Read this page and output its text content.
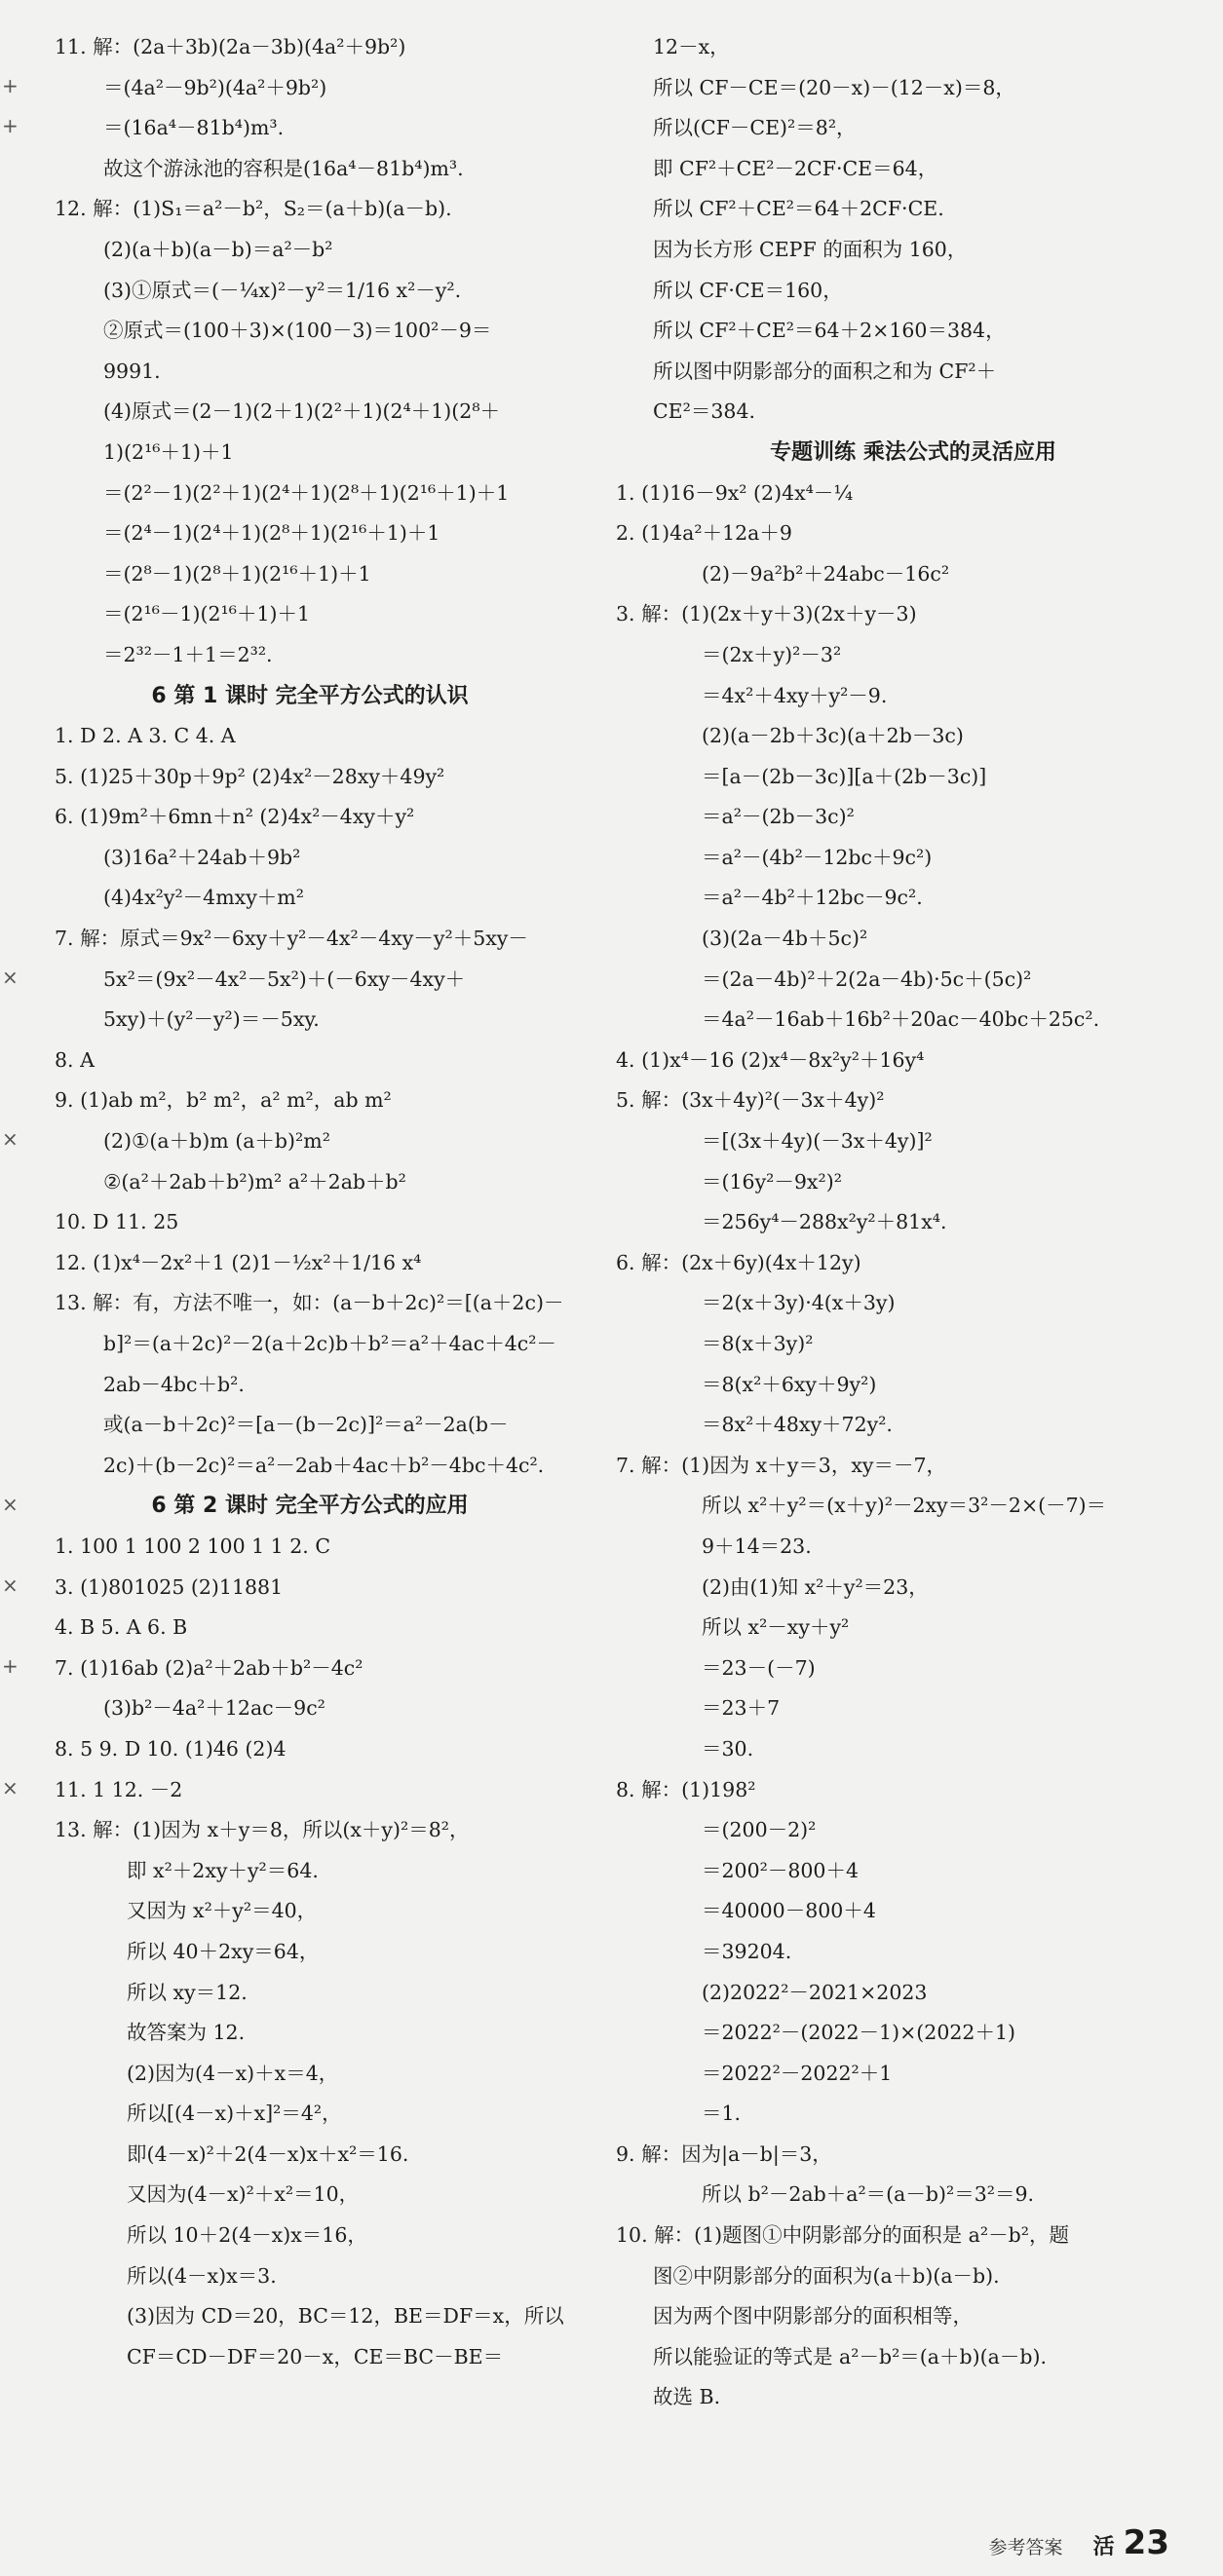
11. 解：(2a＋3b)(2a－3b)(4a²＋9b²)
＝(4a²－9b²)(4a²＋9b²)
＝(16a⁴－81b⁴)m³.
故这个游泳池的容积是(16a⁴－81b⁴)m³.
12. 解：(1)S₁＝a²－b²，S₂＝(a＋b)(a－b).
(2)(a＋b)(a－b)＝a²－b²
(3)①原式＝(－¼x)²－y²＝1/16 x²－y².
②原式＝(100＋3)×(100－3)＝100²－9＝
9991.
(4)原式＝(2－1)(2＋1)(2²＋1)(2⁴＋1)(2⁸＋
1)(2¹⁶＋1)＋1
＝(2²－1)(2²＋1)(2⁴＋1)(2⁸＋1)(2¹⁶＋1)＋1
＝(2⁴－1)(2⁴＋1)(2⁸＋1)(2¹⁶＋1)＋1
＝(2⁸－1)(2⁸＋1)(2¹⁶＋1)＋1
＝(2¹⁶－1)(2¹⁶＋1)＋1
＝2³²－1＋1＝2³².
6 第 1 课时 完全平方公式的认识
1. D 2. A 3. C 4. A
5. (1)25＋30p＋9p² (2)4x²－28xy＋49y²
6. (1)9m²＋6mn＋n² (2)4x²－4xy＋y²
(3)16a²＋24ab＋9b²
(4)4x²y²－4mxy＋m²
7. 解：原式＝9x²－6xy＋y²－4x²－4xy－y²＋5xy－
5x²＝(9x²－4x²－5x²)＋(－6xy－4xy＋
5xy)＋(y²－y²)＝－5xy.
8. A
9. (1)ab m²，b² m²，a² m²，ab m²
(2)①(a＋b)m (a＋b)²m²
②(a²＋2ab＋b²)m² a²＋2ab＋b²
10. D 11. 25
12. (1)x⁴－2x²＋1 (2)1－½x²＋1/16 x⁴
13. 解：有，方法不唯一，如：(a－b＋2c)²＝[(a＋2c)－
b]²＝(a＋2c)²－2(a＋2c)b＋b²＝a²＋4ac＋4c²－
2ab－4bc＋b².
或(a－b＋2c)²＝[a－(b－2c)]²＝a²－2a(b－
2c)＋(b－2c)²＝a²－2ab＋4ac＋b²－4bc＋4c².
6 第 2 课时 完全平方公式的应用
1. 100 1 100 2 100 1 1 2. C
3. (1)801025 (2)11881
4. B 5. A 6. B
7. (1)16ab (2)a²＋2ab＋b²－4c²
(3)b²－4a²＋12ac－9c²
8. 5 9. D 10. (1)46 (2)4
11. 1 12. －2
13. 解：(1)因为 x＋y＝8，所以(x＋y)²＝8²，
即 x²＋2xy＋y²＝64.
又因为 x²＋y²＝40，
所以 40＋2xy＝64，
所以 xy＝12.
故答案为 12.
(2)因为(4－x)＋x＝4，
所以[(4－x)＋x]²＝4²，
即(4－x)²＋2(4－x)x＋x²＝16.
又因为(4－x)²＋x²＝10，
所以 10＋2(4－x)x＝16，
所以(4－x)x＝3.
(3)因为 CD＝20，BC＝12，BE＝DF＝x，所以
CF＝CD－DF＝20－x，CE＝BC－BE＝
12－x，
所以 CF－CE＝(20－x)－(12－x)＝8，
所以(CF－CE)²＝8²，
即 CF²＋CE²－2CF·CE＝64，
所以 CF²＋CE²＝64＋2CF·CE.
因为长方形 CEPF 的面积为 160，
所以 CF·CE＝160，
所以 CF²＋CE²＝64＋2×160＝384，
所以图中阴影部分的面积之和为 CF²＋
CE²＝384.
专题训练 乘法公式的灵活应用
1. (1)16－9x² (2)4x⁴－¼
2. (1)4a²＋12a＋9
(2)－9a²b²＋24abc－16c²
3. 解：(1)(2x＋y＋3)(2x＋y－3)
＝(2x＋y)²－3²
＝4x²＋4xy＋y²－9.
(2)(a－2b＋3c)(a＋2b－3c)
＝[a－(2b－3c)][a＋(2b－3c)]
＝a²－(2b－3c)²
＝a²－(4b²－12bc＋9c²)
＝a²－4b²＋12bc－9c².
(3)(2a－4b＋5c)²
＝(2a－4b)²＋2(2a－4b)·5c＋(5c)²
＝4a²－16ab＋16b²＋20ac－40bc＋25c².
4. (1)x⁴－16 (2)x⁴－8x²y²＋16y⁴
5. 解：(3x＋4y)²(－3x＋4y)²
＝[(3x＋4y)(－3x＋4y)]²
＝(16y²－9x²)²
＝256y⁴－288x²y²＋81x⁴.
6. 解：(2x＋6y)(4x＋12y)
＝2(x＋3y)·4(x＋3y)
＝8(x＋3y)²
＝8(x²＋6xy＋9y²)
＝8x²＋48xy＋72y².
7. 解：(1)因为 x＋y＝3，xy＝－7，
所以 x²＋y²＝(x＋y)²－2xy＝3²－2×(－7)＝
9＋14＝23.
(2)由(1)知 x²＋y²＝23，
所以 x²－xy＋y²
＝23－(－7)
＝23＋7
＝30.
8. 解：(1)198²
＝(200－2)²
＝200²－800＋4
＝40000－800＋4
＝39204.
(2)2022²－2021×2023
＝2022²－(2022－1)×(2022＋1)
＝2022²－2022²＋1
＝1.
9. 解：因为|a－b|＝3，
所以 b²－2ab＋a²＝(a－b)²＝3²＝9.
10. 解：(1)题图①中阴影部分的面积是 a²－b²，题
图②中阴影部分的面积为(a＋b)(a－b).
因为两个图中阴影部分的面积相等，
所以能验证的等式是 a²－b²＝(a＋b)(a－b).
故选 B.
+
+
×
×
×
×
+
×
参考答案 活 23
